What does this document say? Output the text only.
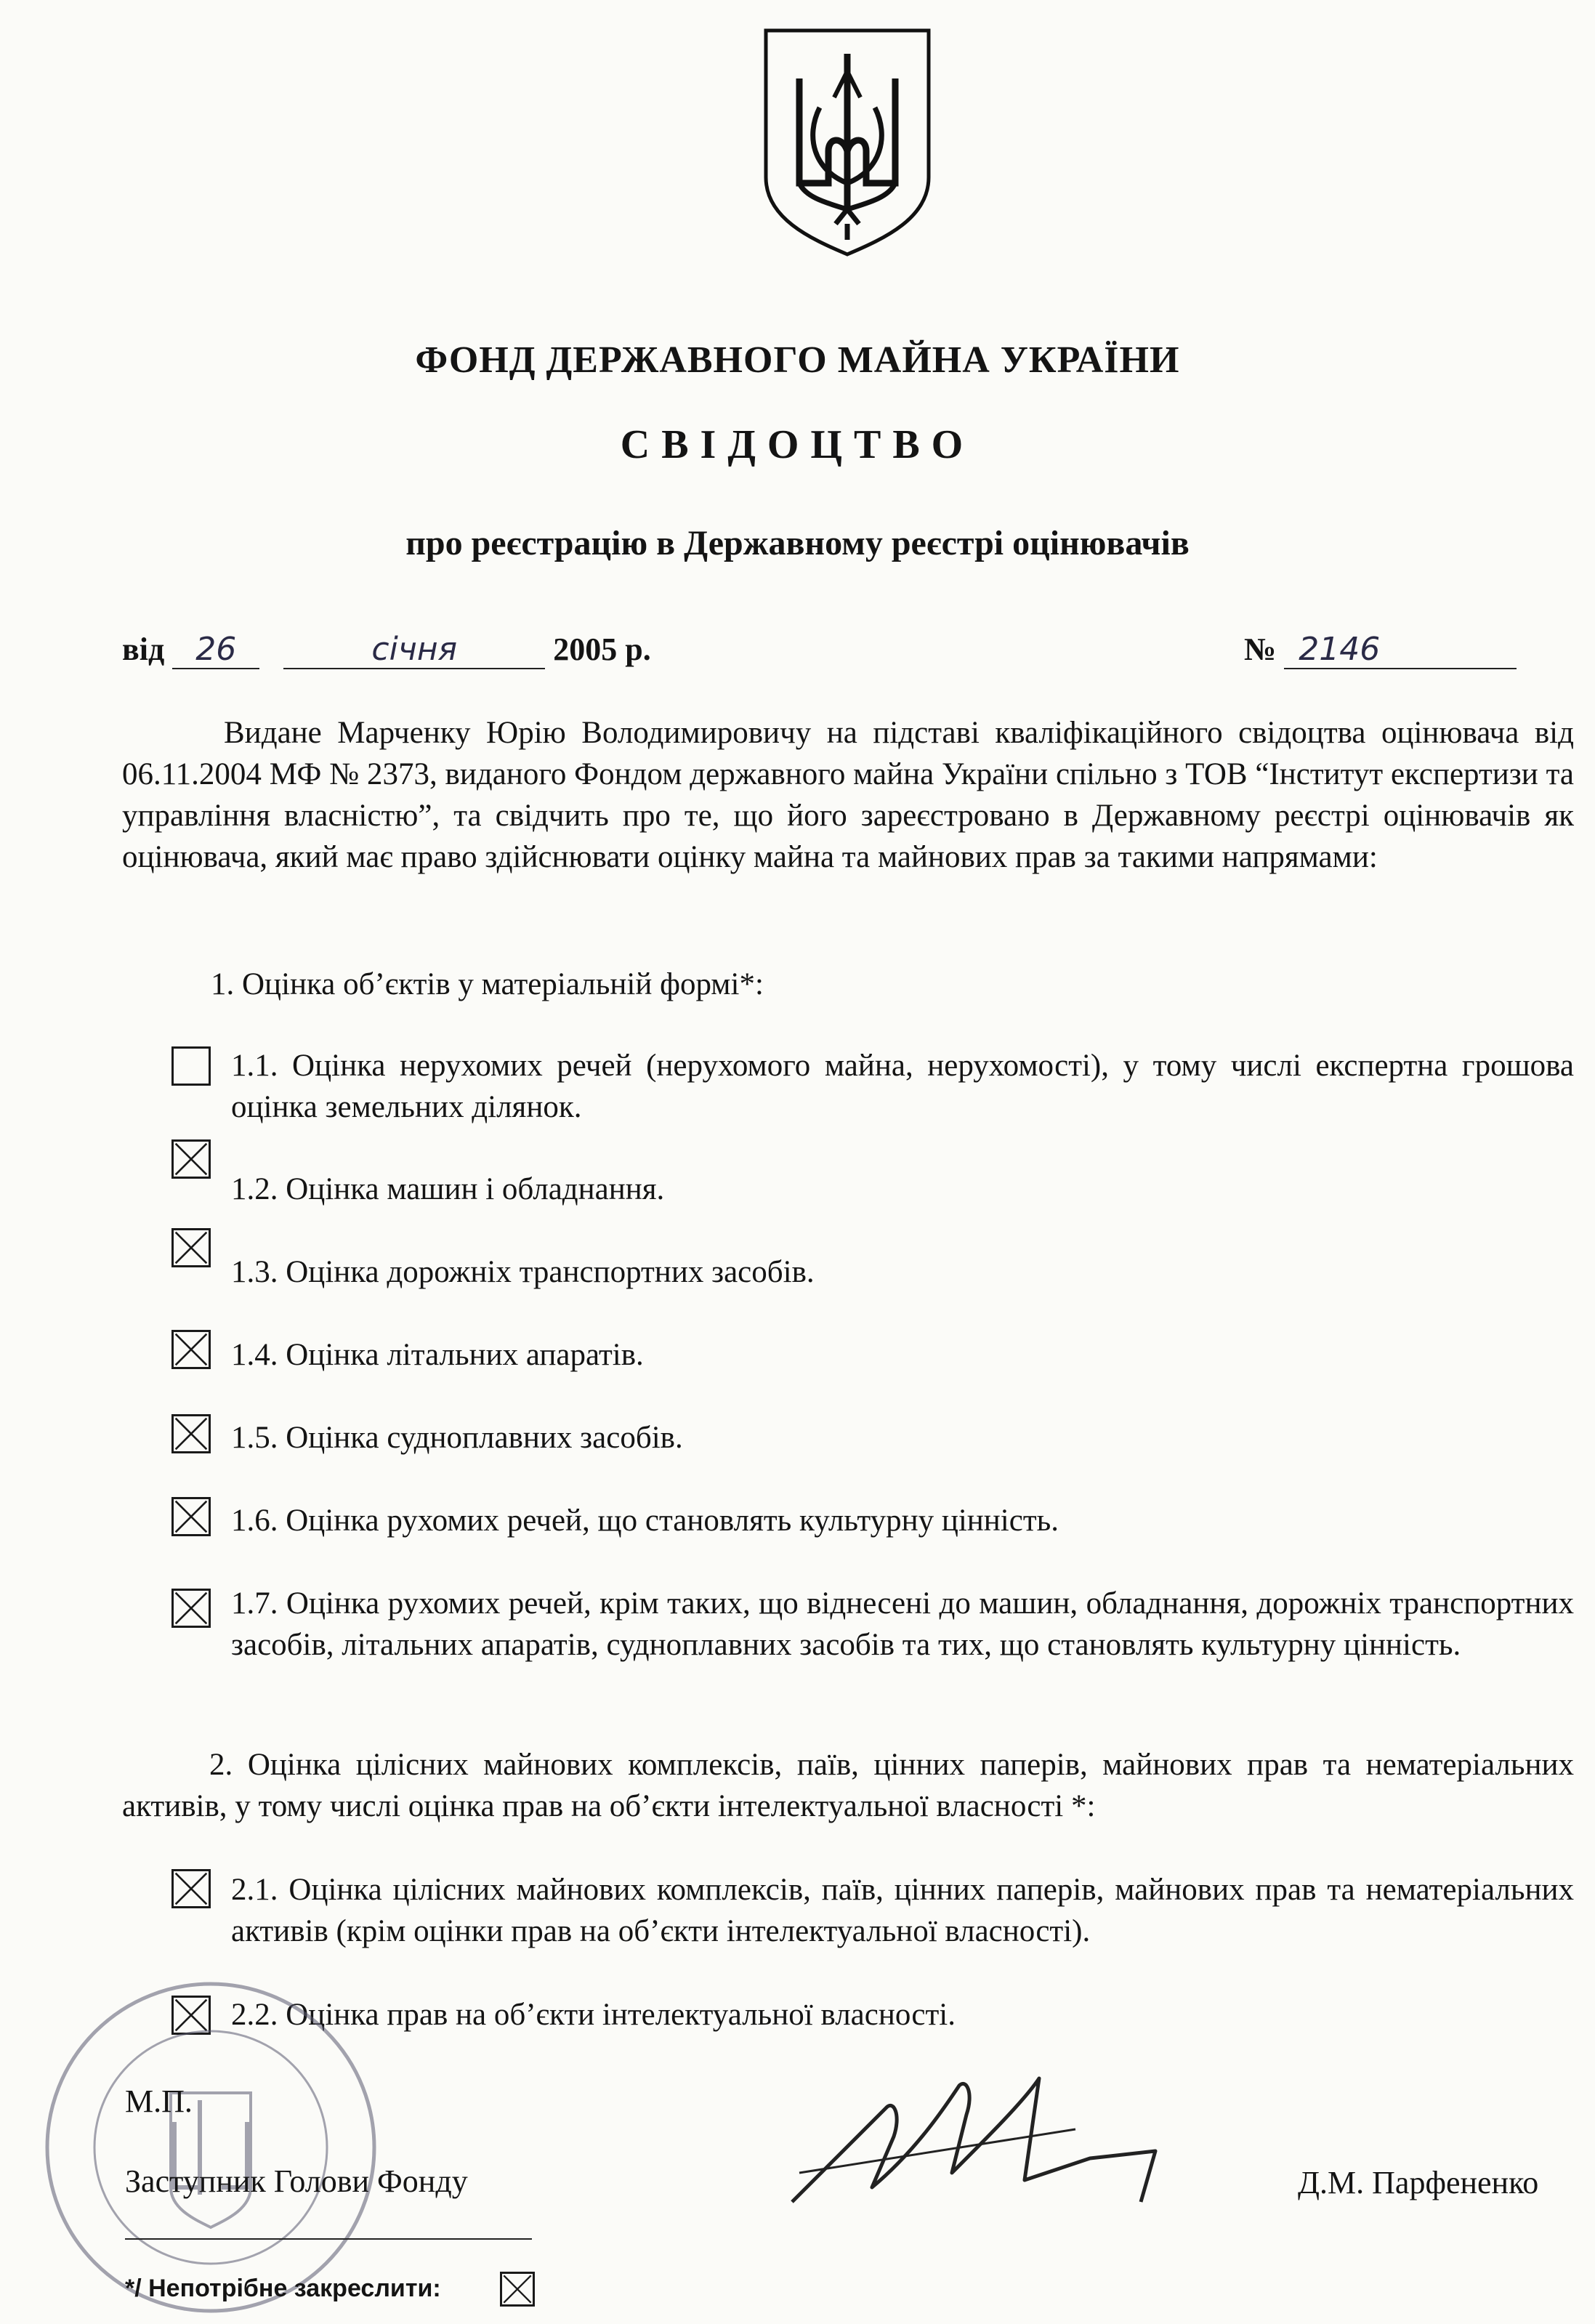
ФОНД ДЕРЖАВНОГО МАЙНА УКРАЇНИ
СВІДОЦТВО
про реєстрацію в Державному реєстрі оцінювачів
від 26	січня	2005 р.	№ 2146
Видане Марченку Юрію Володимировичу на підставі кваліфікаційного свідоцтва оцінювача від 06.11.2004 МФ № 2373, виданого Фондом державного майна України спільно з ТОВ “Інститут експертизи та управління власністю”, та свідчить про те, що його зареєстровано в Державному реєстрі оцінювачів як оцінювача, який має право здійснювати оцінку майна та майнових прав за такими напрямами:
1. Оцінка об’єктів у матеріальній формі*:
1.1. Оцінка нерухомих речей (нерухомого майна, нерухомості), у тому числі експертна грошова оцінка земельних ділянок.
1.2. Оцінка машин і обладнання.
1.3. Оцінка дорожніх транспортних засобів.
1.4. Оцінка літальних апаратів.
1.5. Оцінка судноплавних засобів.
1.6. Оцінка рухомих речей, що становлять культурну цінність.
1.7. Оцінка рухомих речей, крім таких, що віднесені до машин, обладнання, дорожніх транспортних засобів, літальних апаратів, судноплавних засобів та тих, що становлять культурну цінність.
2. Оцінка цілісних майнових комплексів, паїв, цінних паперів, майнових прав та нематеріальних активів, у тому числі оцінка прав на об’єкти інтелектуальної власності *:
2.1. Оцінка цілісних майнових комплексів, паїв, цінних паперів, майнових прав та нематеріальних активів (крім оцінки прав на об’єкти інтелектуальної власності).
2.2. Оцінка прав на об’єкти інтелектуальної власності.
М.П.
Заступник Голови Фонду	Д.М. Парфененко
*/ Непотрібне закреслити:
